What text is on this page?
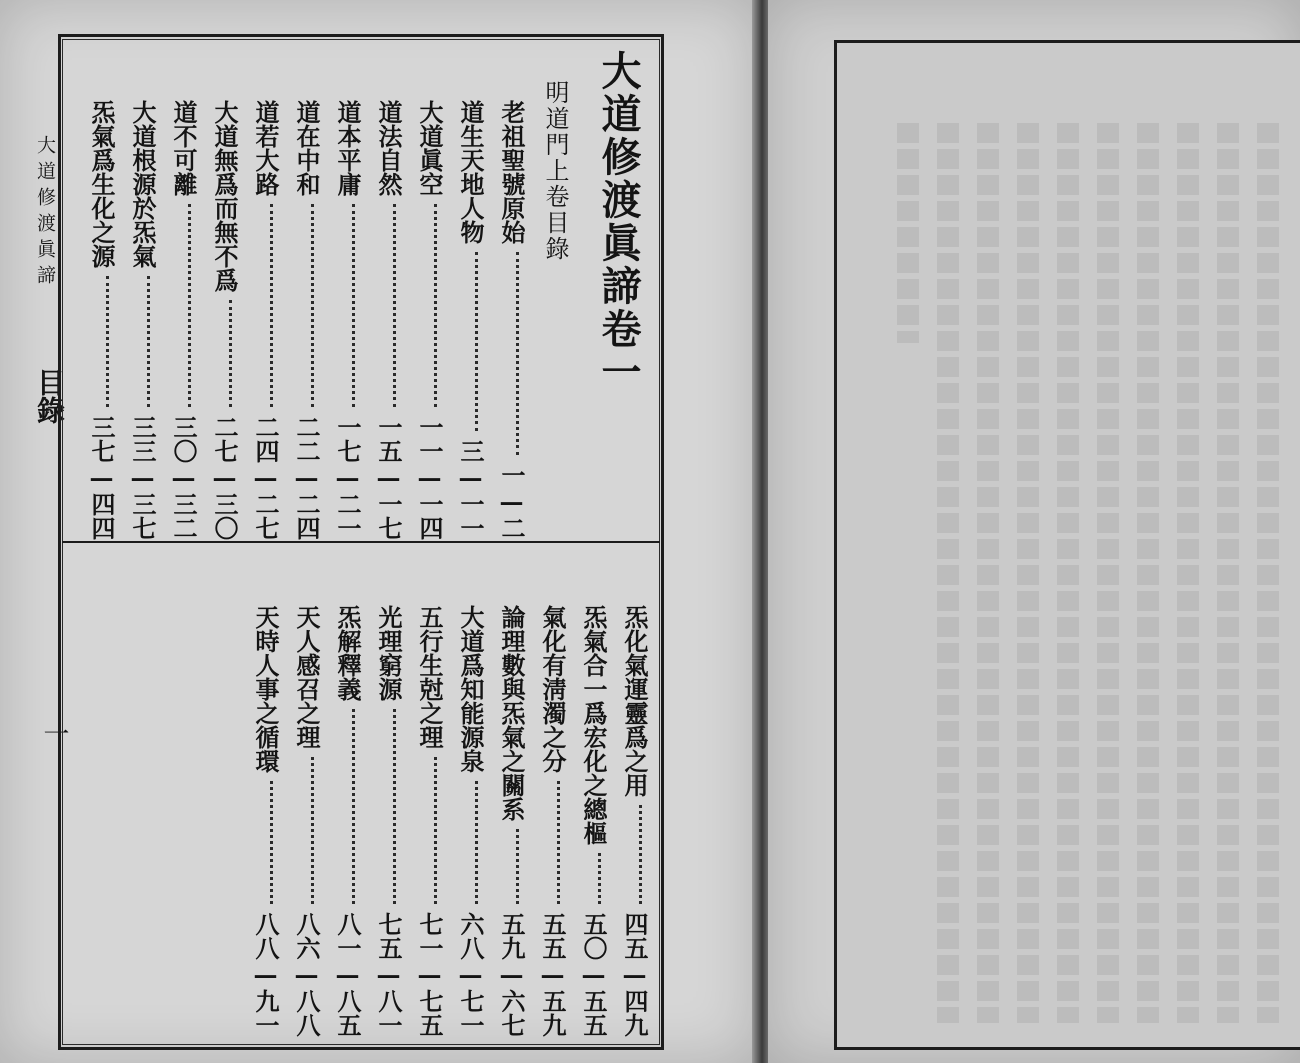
大道修渡眞諦
目錄
一
大道修渡眞諦卷一
明道門上卷目錄
老祖聖號原始
一—二
道生天地人物
三—一一
大道眞空
一一—一四
道法自然
一五—一七
道本平庸
一七—二一
道在中和
二二—二四
道若大路
二四—二七
大道無爲而無不爲
二七—三〇
道不可離
三〇—三二
大道根源於炁氣
三三—三七
炁氣爲生化之源
三七—四四
炁化氣運靈爲之用
四五—四九
炁氣合一爲宏化之總樞
五〇—五五
氣化有淸濁之分
五五—五九
論理數與炁氣之關系
五九—六七
大道爲知能源泉
六八—七一
五行生尅之理
七一—七五
光理窮源
七五—八一
炁解釋義
八一—八五
天人感召之理
八六—八八
天時人事之循環
八八—九一
